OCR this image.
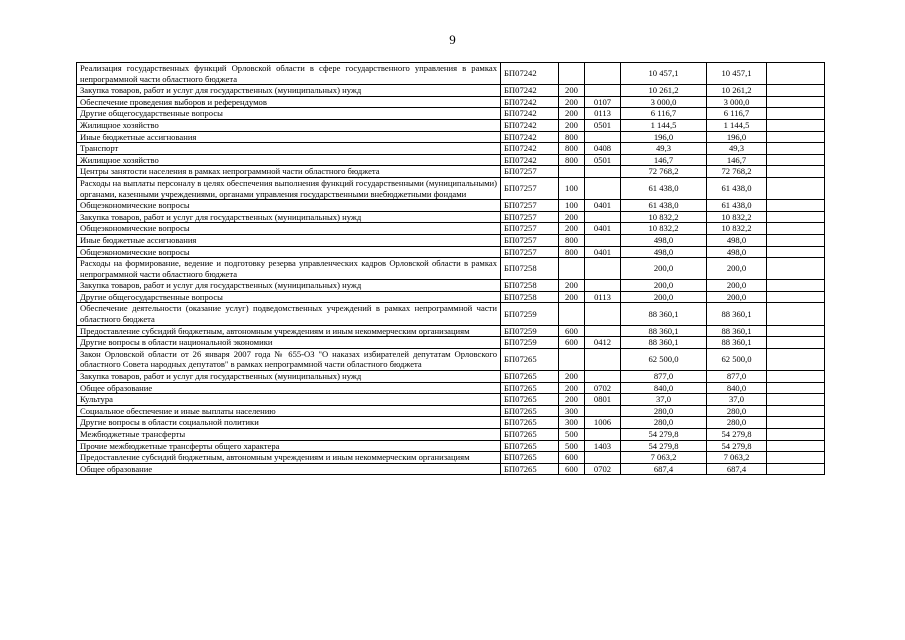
9
Реализация государственных функций Орловской области в сфере государственного управления в рамках непрограммной части областного бюджета	БП07242			10 457,1	10 457,1	
Закупка товаров, работ и услуг для государственных (муниципальных) нужд	БП07242	200		10 261,2	10 261,2	
Обеспечение проведения выборов и референдумов	БП07242	200	0107	3 000,0	3 000,0	
Другие общегосударственные вопросы	БП07242	200	0113	6 116,7	6 116,7	
Жилищное хозяйство	БП07242	200	0501	1 144,5	1 144,5	
Иные бюджетные ассигнования	БП07242	800		196,0	196,0	
Транспорт	БП07242	800	0408	49,3	49,3	
Жилищное хозяйство	БП07242	800	0501	146,7	146,7	
Центры занятости населения в рамках непрограммной части областного бюджета	БП07257			72 768,2	72 768,2	
Расходы на выплаты персоналу в целях обеспечения выполнения функций государственными (муниципальными) органами, казенными учреждениями, органами управления государственными внебюджетными фондами	БП07257	100		61 438,0	61 438,0	
Общеэкономические вопросы	БП07257	100	0401	61 438,0	61 438,0	
Закупка товаров, работ и услуг для государственных (муниципальных) нужд	БП07257	200		10 832,2	10 832,2	
Общеэкономические вопросы	БП07257	200	0401	10 832,2	10 832,2	
Иные бюджетные ассигнования	БП07257	800		498,0	498,0	
Общеэкономические вопросы	БП07257	800	0401	498,0	498,0	
Расходы на формирование, ведение и подготовку резерва управленческих кадров Орловской области в рамках непрограммной части областного бюджета	БП07258			200,0	200,0	
Закупка товаров, работ и услуг для государственных (муниципальных) нужд	БП07258	200		200,0	200,0	
Другие общегосударственные вопросы	БП07258	200	0113	200,0	200,0	
Обеспечение деятельности (оказание услуг) подведомственных учреждений в рамках непрограммной части областного бюджета	БП07259			88 360,1	88 360,1	
Предоставление субсидий бюджетным, автономным учреждениям и иным некоммерческим организациям	БП07259	600		88 360,1	88 360,1	
Другие вопросы в области национальной экономики	БП07259	600	0412	88 360,1	88 360,1	
Закон Орловской области от 26 января 2007 года № 655-ОЗ "О наказах избирателей депутатам Орловского областного Совета народных депутатов" в рамках непрограммной части областного бюджета	БП07265			62 500,0	62 500,0	
Закупка товаров, работ и услуг для государственных (муниципальных) нужд	БП07265	200		877,0	877,0	
Общее образование	БП07265	200	0702	840,0	840,0	
Культура	БП07265	200	0801	37,0	37,0	
Социальное обеспечение и иные выплаты населению	БП07265	300		280,0	280,0	
Другие вопросы в области социальной политики	БП07265	300	1006	280,0	280,0	
Межбюджетные трансферты	БП07265	500		54 279,8	54 279,8	
Прочие межбюджетные трансферты общего характера	БП07265	500	1403	54 279,8	54 279,8	
Предоставление субсидий бюджетным, автономным учреждениям и иным некоммерческим организациям	БП07265	600		7 063,2	7 063,2	
Общее образование	БП07265	600	0702	687,4	687,4	
